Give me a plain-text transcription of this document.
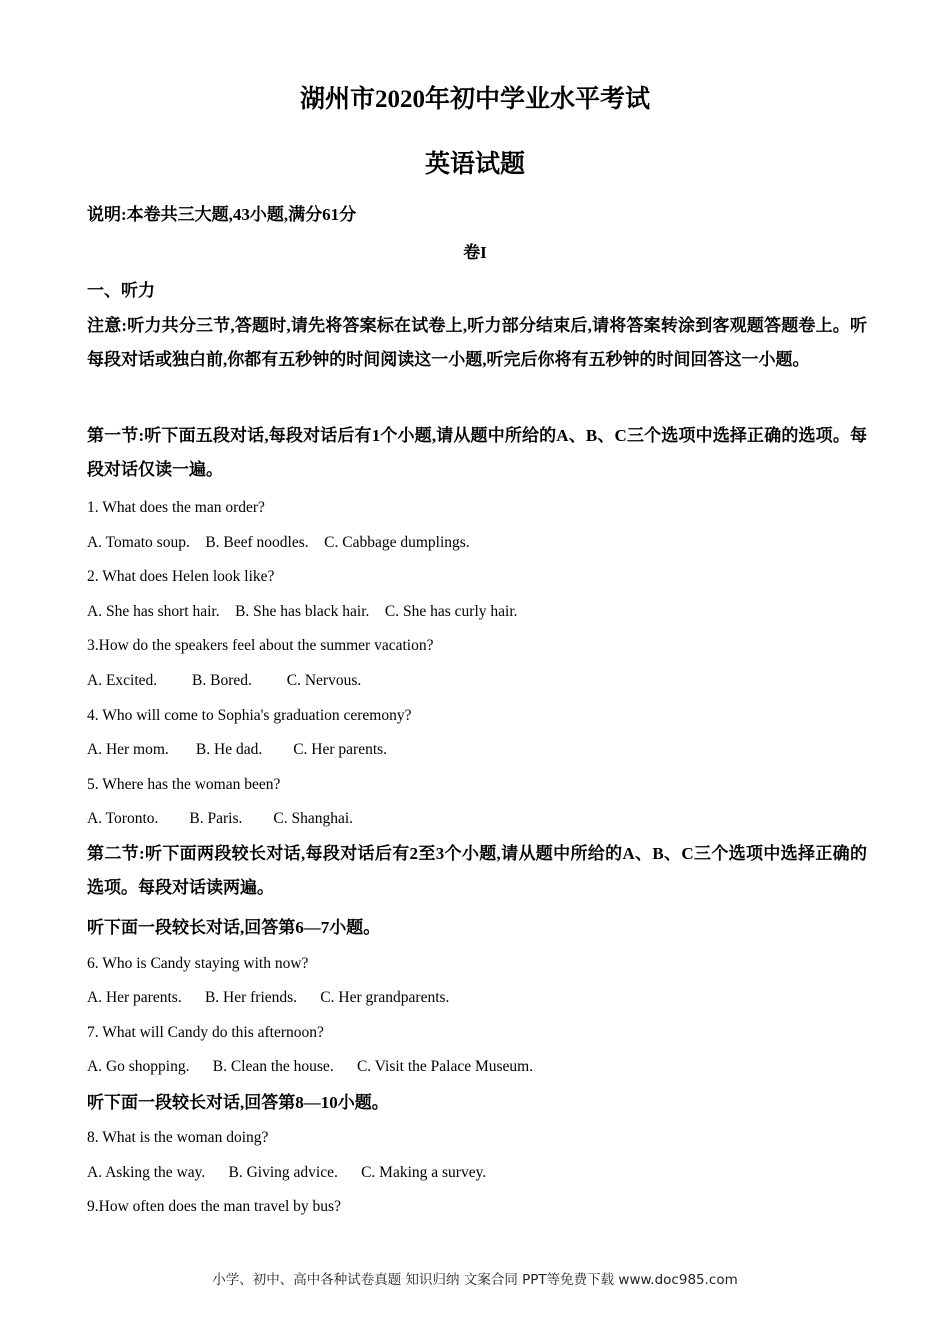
湖州市2020年初中学业水平考试
英语试题
说明:本卷共三大题,43小题,满分61分
卷I
一、听力
注意:听力共分三节,答题时,请先将答案标在试卷上,听力部分结束后,请将答案转涂到客观题答题卷上。听每段对话或独白前,你都有五秒钟的时间阅读这一小题,听完后你将有五秒钟的时间回答这一小题。
第一节:听下面五段对话,每段对话后有1个小题,请从题中所给的A、B、C三个选项中选择正确的选项。每段对话仅读一遍。
1. What does the man order?
A. Tomato soup.    B. Beef noodles.    C. Cabbage dumplings.
2. What does Helen look like?
A. She has short hair.    B. She has black hair.    C. She has curly hair.
3.How do the speakers feel about the summer vacation?
A. Excited.         B. Bored.         C. Nervous.
4. Who will come to Sophia's graduation ceremony?
A. Her mom.       B. He dad.        C. Her parents.
5. Where has the woman been?
A. Toronto.        B. Paris.        C. Shanghai.
第二节:听下面两段较长对话,每段对话后有2至3个小题,请从题中所给的A、B、C三个选项中选择正确的选项。每段对话读两遍。
听下面一段较长对话,回答第6—7小题。
6. Who is Candy staying with now?
A. Her parents.      B. Her friends.      C. Her grandparents.
7. What will Candy do this afternoon?
A. Go shopping.      B. Clean the house.      C. Visit the Palace Museum.
听下面一段较长对话,回答第8—10小题。
8. What is the woman doing?
A. Asking the way.      B. Giving advice.      C. Making a survey.
9.How often does the man travel by bus?
小学、初中、高中各种试卷真题 知识归纳 文案合同 PPT等免费下载 www.doc985.com
